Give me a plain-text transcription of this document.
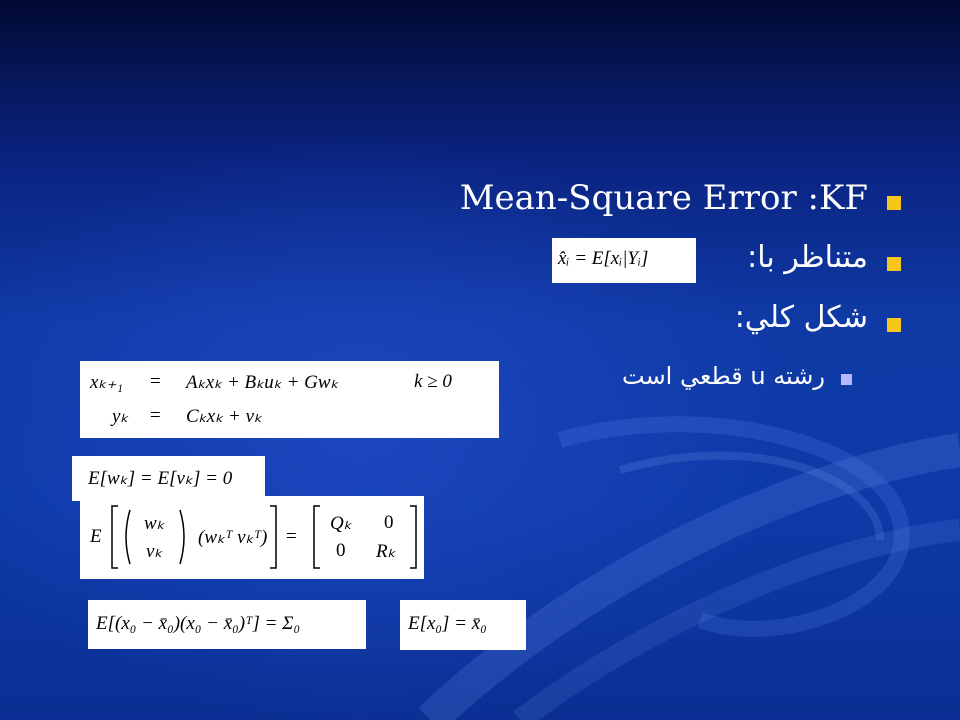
Mean-Square Error :KF
متناظر با:
شكل كلي:
رشته u قطعي است
x̂ᵢ = E[xᵢ|Yᵢ]
xₖ₊₁ = Aₖxₖ + Bₖuₖ + Gwₖ	k ≥ 0
yₖ = Cₖxₖ + vₖ
E[wₖ] = E[vₖ] = 0
E
wₖ
vₖ
(wₖᵀ vₖᵀ) =
Qₖ 0
0 Rₖ
E[(x₀ − x̄₀)(x₀ − x̄₀)ᵀ] = Σ₀	E[x₀] = x̄₀
